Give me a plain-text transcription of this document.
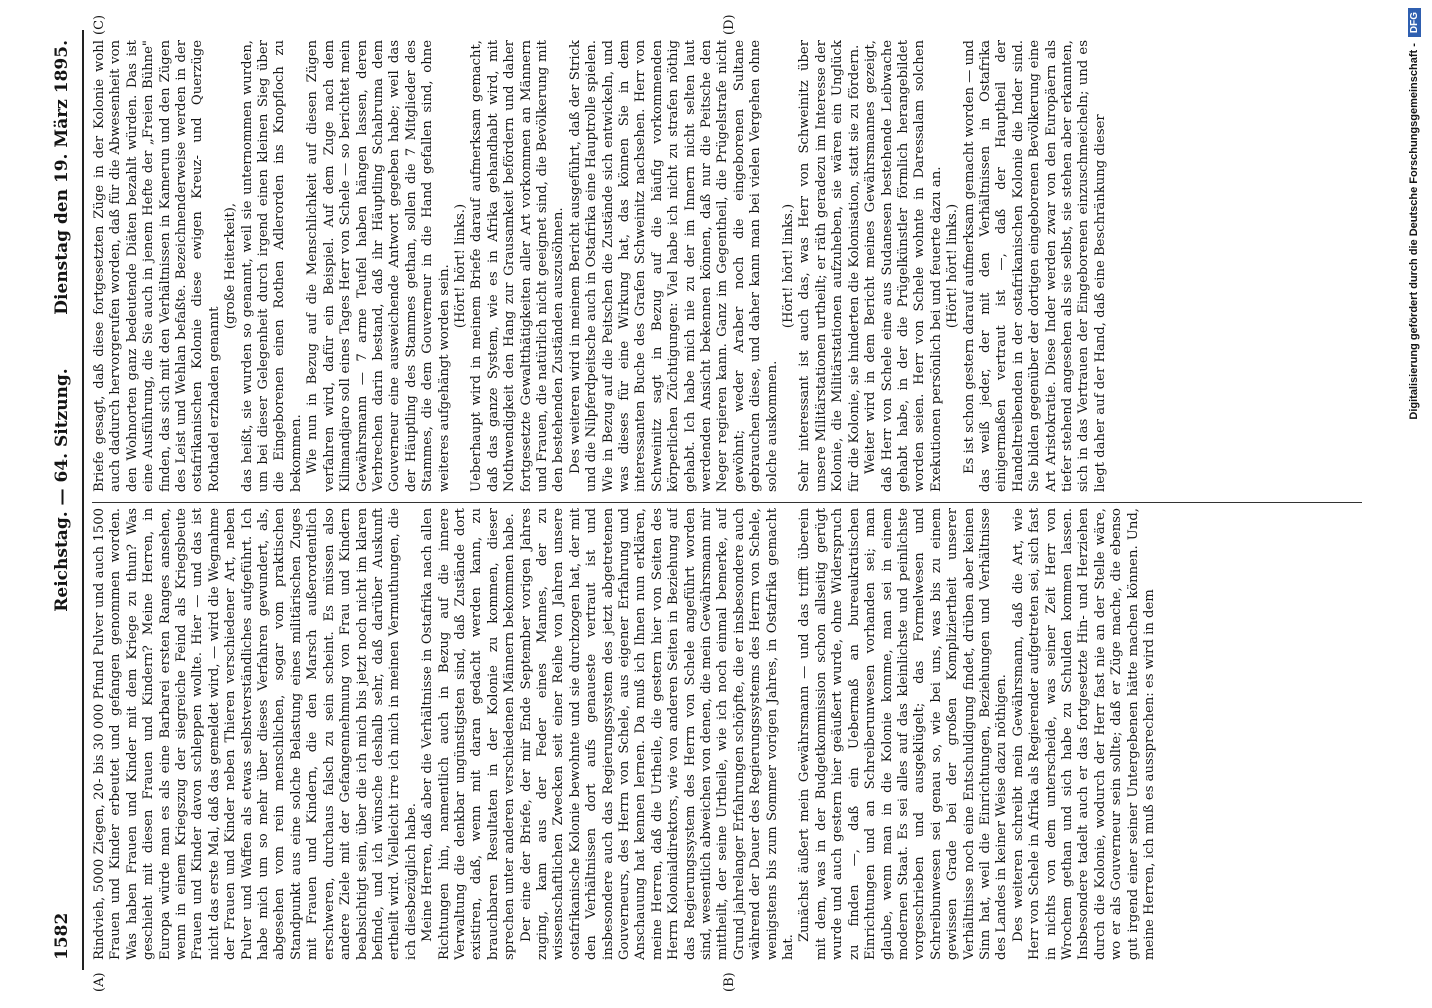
1582
Reichstag. — 64. Sitzung.

Rindvieh, 5000 Ziegen, 20- bis 30 000 Pfund Pulver und auch 1500 Frauen und Kinder erbeutet und gefangen genommen worden. Was haben Frauen und Kinder mit dem Kriege zu thun? Was geschieht mit diesen Frauen und Kindern? Meine Herren, in Europa würde man es als eine Barbarei ersten Ranges ansehen, wenn in einem Kriegszug der siegreiche Feind als Kriegsbeute Frauen und Kinder davon schleppen wollte. Hier — und das ist nicht das erste Mal, daß das gemeldet wird, — wird die Wegnahme der Frauen und Kinder neben Thieren verschiedener Art, neben Pulver und Waffen als etwas selbstverständliches aufgeführt. Ich habe mich um so mehr über dieses Verfahren gewundert, als, abgesehen vom rein menschlichen, sogar vom praktischen Standpunkt aus eine solche Belastung eines militärischen Zuges mit Frauen und Kindern, die den Marsch außerordentlich erschweren, durchaus falsch zu sein scheint. Es müssen also andere Ziele mit der Gefangennehmung von Frau und Kindern beabsichtigt sein, über die ich mich bis jetzt noch nicht im klaren befinde, und ich wünsche deshalb sehr, daß darüber Auskunft ertheilt wird. Vielleicht irre ich mich in meinen Vermuthungen, die ich diesbezüglich habe. Meine Herren, daß aber die Verhältnisse in Ostafrika nach allen Richtungen hin, namentlich auch in Bezug auf die innere Verwaltung die denkbar ungünstigsten sind, daß Zustände dort existiren, daß, wenn mit daran gedacht werden kann, zu brauchbaren Resultaten in der Kolonie zu kommen, dieser sprechen unter anderen verschiedenen Männern bekommen habe. Der eine der Briefe, der mir Ende September vorigen Jahres zuging, kam aus der Feder eines Mannes, der zu wissenschaftlichen Zwecken seit einer Reihe von Jahren unsere ostafrikanische Kolonie bewohnte und sie durchzogen hat, der mit den Verhältnissen dort aufs genaueste vertraut ist und insbesondere auch das Regierungssystem des jetzt abgetretenen Gouverneurs, des Herrn von Schele, aus eigener Erfahrung und Anschauung hat kennen lernen. Da muß ich Ihnen nun erklären, meine Herren, daß die Urtheile, die gestern hier von Seiten des Herrn Kolonialdirektors, wie von anderen Seiten in Beziehung auf das Regierungssystem des Herrn von Schele angeführt worden sind, wesentlich abweichen von denen, die mein Gewährsmann mir mittheilt, der seine Urtheile, wie ich noch einmal bemerke, auf Grund jahrelanger Erfahrungen schöpfte, die er insbesondere auch während der Dauer des Regierungssystems des Herrn von Schele, wenigstens bis zum Sommer vorigen Jahres, in Ostafrika gemacht hat.

Zunächst äußert mein Gewährsmann — und das trifft überein mit dem, was in der Budgetkommission schon allseitig gerügt wurde und auch gestern hier geäußert wurde, ohne Widerspruch zu finden —, daß ein Uebermaß an bureaukratischen Einrichtungen und an Schreiberunwesen vorhanden sei; man glaube, wenn man in die Kolonie komme, man sei in einem modernen Staat. Es sei alles auf das kleinlichste und peinlichste vorgeschrieben und ausgeklügelt; das Formelwesen und Schreibunwesen sei genau so, wie bei uns, was bis zu einem gewissen Grade bei der großen Kompliziertheit unserer Verhältnisse noch eine Entschuldigung findet, drüben aber keinen Sinn hat, weil die Einrichtungen, Beziehungen und Verhältnisse des Landes in keiner Weise dazu nöthigen. Des weiteren schreibt mein Gewährsmann, daß die Art, wie Herr von Schele in Afrika als Regierender aufgetreten sei, sich fast in nichts von dem unterscheide, was seiner Zeit Herr von Wrochem gethan und sich habe zu Schulden kommen lassen. Insbesondere tadelt auch er das fortgesetzte Hin- und Herziehen durch die Kolonie, wodurch der Herr fast nie an der Stelle wäre, wo er als Gouverneur sein sollte; daß er Züge mache, die ebenso gut irgend einer seiner Untergebenen hätte machen können. Und, meine Herren, ich muß es aussprechen: es wird in dem

Briefe gesagt, daß diese fortgesetzten Züge in der Kolonie wohl auch dadurch hervorgerufen worden, daß für die Abwesenheit von den Wohnorten ganz bedeutende Diäten bezahlt würden. Das ist eine Ausführung, die Sie auch in jenem Hefte der „Freien Bühne" finden, das sich mit den Verhältnissen in Kamerun und den Zügen des Leist und Wehlan befaßte. Bezeichnenderweise werden in der ostafrikanischen Kolonie diese ewigen Kreuz- und Querzüge Rothadel erzhaden genannt

(große Heiterkeit), das heißt, sie wurden so genannt, weil sie unternommen wurden, um bei dieser Gelegenheit durch irgend einen kleinen Sieg über die Eingeborenen einen Rothen Adlerorden ins Knopfloch zu bekommen. Wie nun in Bezug auf die Menschlichkeit auf diesen Zügen verfahren wird, dafür ein Beispiel. Auf dem Zuge nach dem Kilimandjaro soll eines Tages Herr von Schele — so berichtet mein Gewährsmann — 7 arme Teufel haben hängen lassen, deren Verbrechen darin bestand, daß ihr Häuptling Schabruma dem Gouverneur eine ausweichende Antwort gegeben habe; weil das der Häuptling des Stammes gethan, sollen die 7 Mitglieder des Stammes, die dem Gouverneur in die Hand gefallen sind, ohne weiteres aufgehängt worden sein. (Hört! hört! links.) Ueberhaupt wird in meinem Briefe darauf aufmerksam gemacht, daß das ganze System, wie es in Afrika gehandhabt wird, mit Nothwendigkeit den Hang zur Grausamkeit befördern und daher fortgesetzte Gewaltthätigkeiten aller Art vorkommen an Männern und Frauen, die natürlich nicht geeignet sind, die Bevölkerung mit den bestehenden Zuständen auszusöhnen. Des weiteren wird in meinem Bericht ausgeführt, daß der Strick und die Nilpferdpeitsche auch in Ostafrika eine Hauptrolle spielen. Wie in Bezug auf die Peitschen die Zustände sich entwickeln, und was dieses für eine Wirkung hat, das können Sie in dem interessanten Buche des Grafen Schweinitz nachsehen. Herr von Schweinitz sagt in Bezug auf die häufig vorkommenden körperlichen Züchtigungen: Viel habe ich nicht zu strafen nöthig gehabt. Ich habe mich nie zu der im Innern nicht selten laut werdenden Ansicht bekennen können, daß nur die Peitsche den Neger regieren kann. Ganz im Gegentheil, die Prügelstrafe nicht gewöhnt; weder Araber noch die eingeborenen Sultane gebrauchen diese, und daher kann man bei vielen Vergehen ohne solche auskommen.

(Hört! hört! links.) Sehr interessant ist auch das, was Herr von Schweinitz über unsere Militärstationen urtheilt; er räth geradezu im Interesse der Kolonie, die Militärstationen aufzuheben, sie wären ein Unglück für die Kolonie, sie hinderten die Kolonisation, statt sie zu fördern. Weiter wird in dem Bericht meines Gewährsmannes gezeigt, daß Herr von Schele eine aus Sudanesen bestehende Leibwache gehabt habe, in der die Prügelkünstler förmlich herangebildet worden seien. Herr von Schele wohnte in Daressalam solchen Exekutionen persönlich bei und feuerte dazu an. (Hört! hört! links.) Es ist schon gestern darauf aufmerksam gemacht worden — und das weiß jeder, der mit den Verhältnissen in Ostafrika einigermaßen vertraut ist —, daß der Hauptheil der Handeltreibenden in der ostafrikanischen Kolonie die Inder sind. Sie bilden gegenüber der dortigen eingeborenen Bevölkerung eine Art Aristokratie. Diese Inder werden zwar von den Europäern als tiefer stehend angesehen als sie selbst, sie stehen aber erkannten, sich in das Vertrauen der Eingeborenen einzuschmeicheln; und es liegt daher auf der Hand, daß eine Beschränkung dieser

(A)	(B)
(C)	(D)
Dienstag den 19. März 1895.	Digitalisierung gefördert durch die Deutsche Forschungsgemeinschaft -DFG
